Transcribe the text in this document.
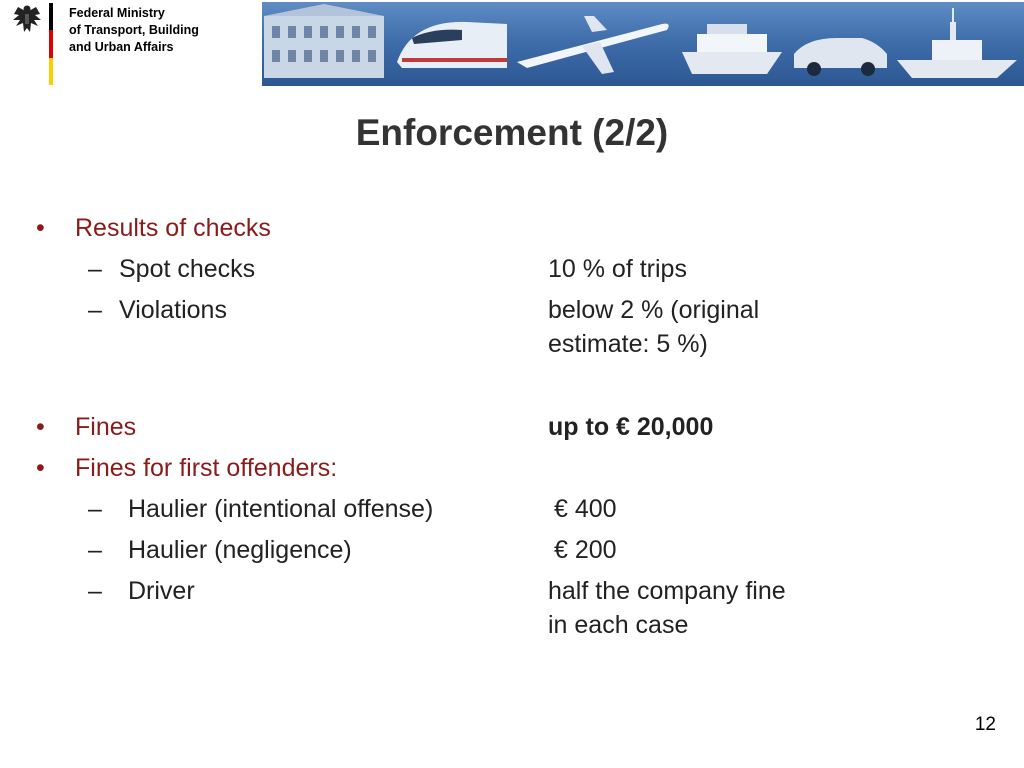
Federal Ministry
of Transport, Building
and Urban Affairs
Enforcement (2/2)
• Results of checks
– Spot checks	10 % of trips
– Violations	below 2 % (original
estimate: 5 %)
• Fines	up to € 20,000
• Fines for first offenders:
– Haulier (intentional offense)	€ 400
– Haulier (negligence)	€ 200
– Driver	half the company fine
in each case
12
